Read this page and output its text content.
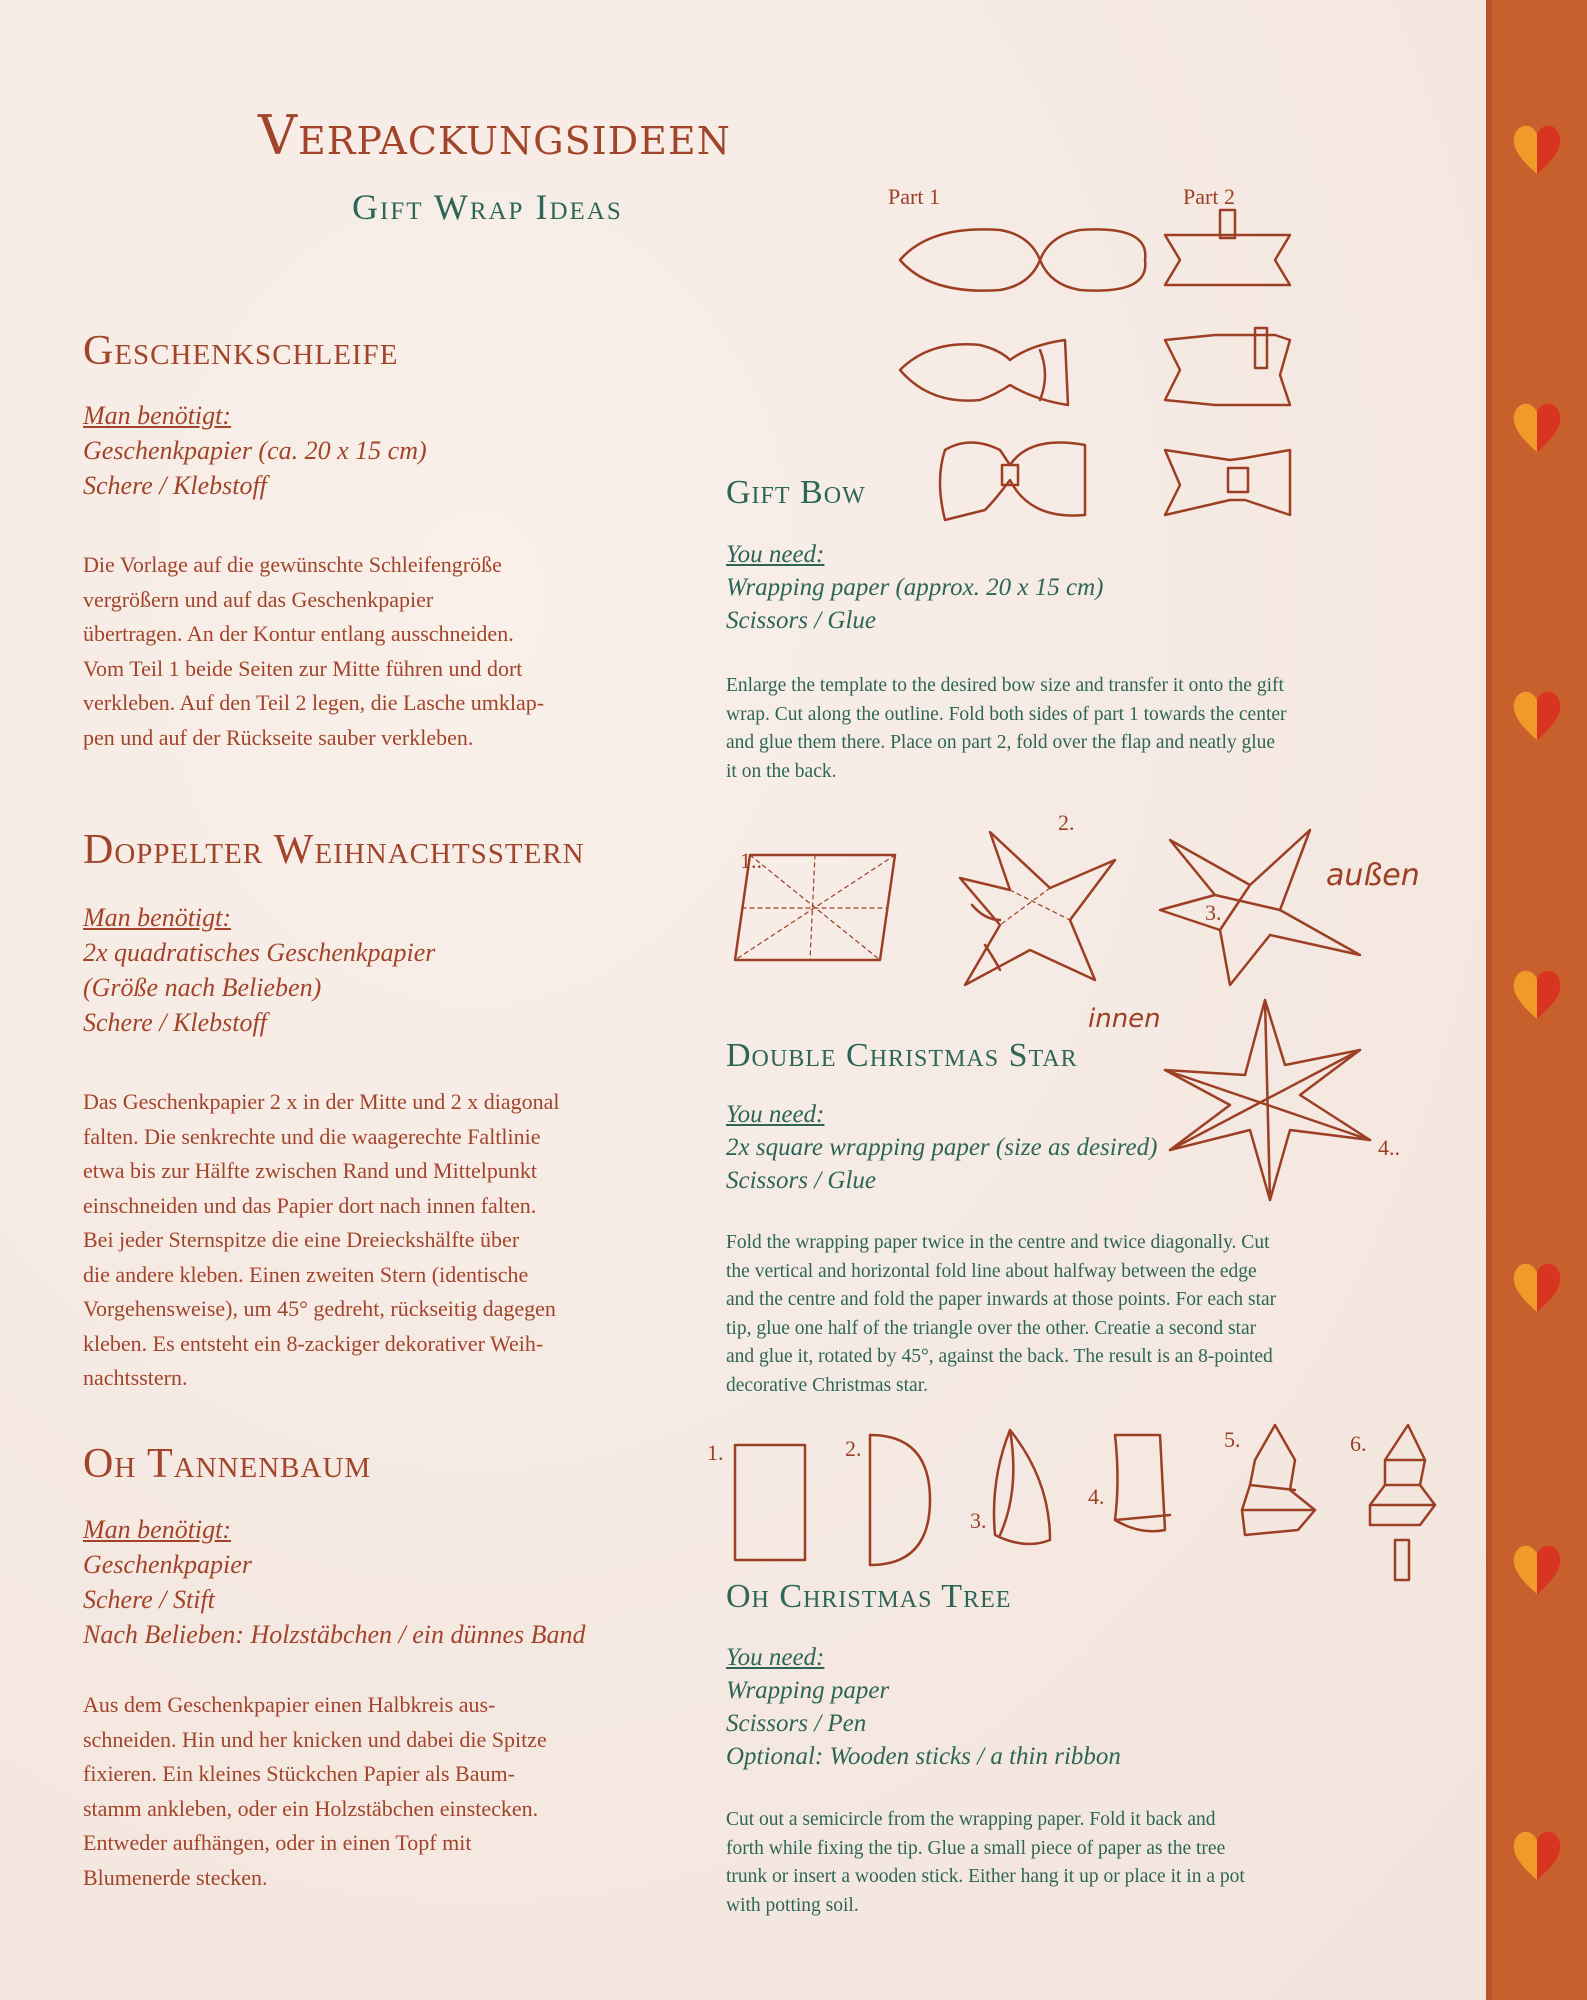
Verpackungsideen
Gift Wrap Ideas
Geschenkschleife
Man benötigt:
Geschenkpapier (ca. 20 x 15 cm)
Schere / Klebstoff
Die Vorlage auf die gewünschte Schleifengröße
vergrößern und auf das Geschenkpapier
übertragen. An der Kontur entlang ausschneiden.
Vom Teil 1 beide Seiten zur Mitte führen und dort
verkleben. Auf den Teil 2 legen, die Lasche umklap-
pen und auf der Rückseite sauber verkleben.
Doppelter Weihnachtsstern
Man benötigt:
2x quadratisches Geschenkpapier
(Größe nach Belieben)
Schere / Klebstoff
Das Geschenkpapier 2 x in der Mitte und 2 x diagonal
falten. Die senkrechte und die waagerechte Faltlinie
etwa bis zur Hälfte zwischen Rand und Mittelpunkt
einschneiden und das Papier dort nach innen falten.
Bei jeder Sternspitze die eine Dreieckshälfte über
die andere kleben. Einen zweiten Stern (identische
Vorgehensweise), um 45° gedreht, rückseitig dagegen
kleben. Es entsteht ein 8-zackiger dekorativer Weih-
nachtsstern.
Oh Tannenbaum
Man benötigt:
Geschenkpapier
Schere / Stift
Nach Belieben: Holzstäbchen / ein dünnes Band
Aus dem Geschenkpapier einen Halbkreis aus-
schneiden. Hin und her knicken und dabei die Spitze
fixieren. Ein kleines Stückchen Papier als Baum-
stamm ankleben, oder ein Holzstäbchen einstecken.
Entweder aufhängen, oder in einen Topf mit
Blumenerde stecken.
Gift Bow
You need:
Wrapping paper (approx. 20 x 15 cm)
Scissors / Glue
Enlarge the template to the desired bow size and transfer it onto the gift
wrap. Cut along the outline. Fold both sides of part 1 towards the center
and glue them there. Place on part 2, fold over the flap and neatly glue
it on the back.
Double Christmas Star
You need:
2x square wrapping paper (size as desired)
Scissors / Glue
Fold the wrapping paper twice in the centre and twice diagonally. Cut
the vertical and horizontal fold line about halfway between the edge
and the centre and fold the paper inwards at those points. For each star
tip, glue one half of the triangle over the other. Creatie a second star
and glue it, rotated by 45°, against the back. The result is an 8-pointed
decorative Christmas star.
Oh Christmas Tree
You need:
Wrapping paper
Scissors / Pen
Optional: Wooden sticks / a thin ribbon
Cut out a semicircle from the wrapping paper. Fold it back and
forth while fixing the tip. Glue a small piece of paper as the tree
trunk or insert a wooden stick. Either hang it up or place it in a pot
with potting soil.
Part 1	Part 2
1..
2.
3.
4..
außen
innen
1.	2.
3.
4.
5.	6.
